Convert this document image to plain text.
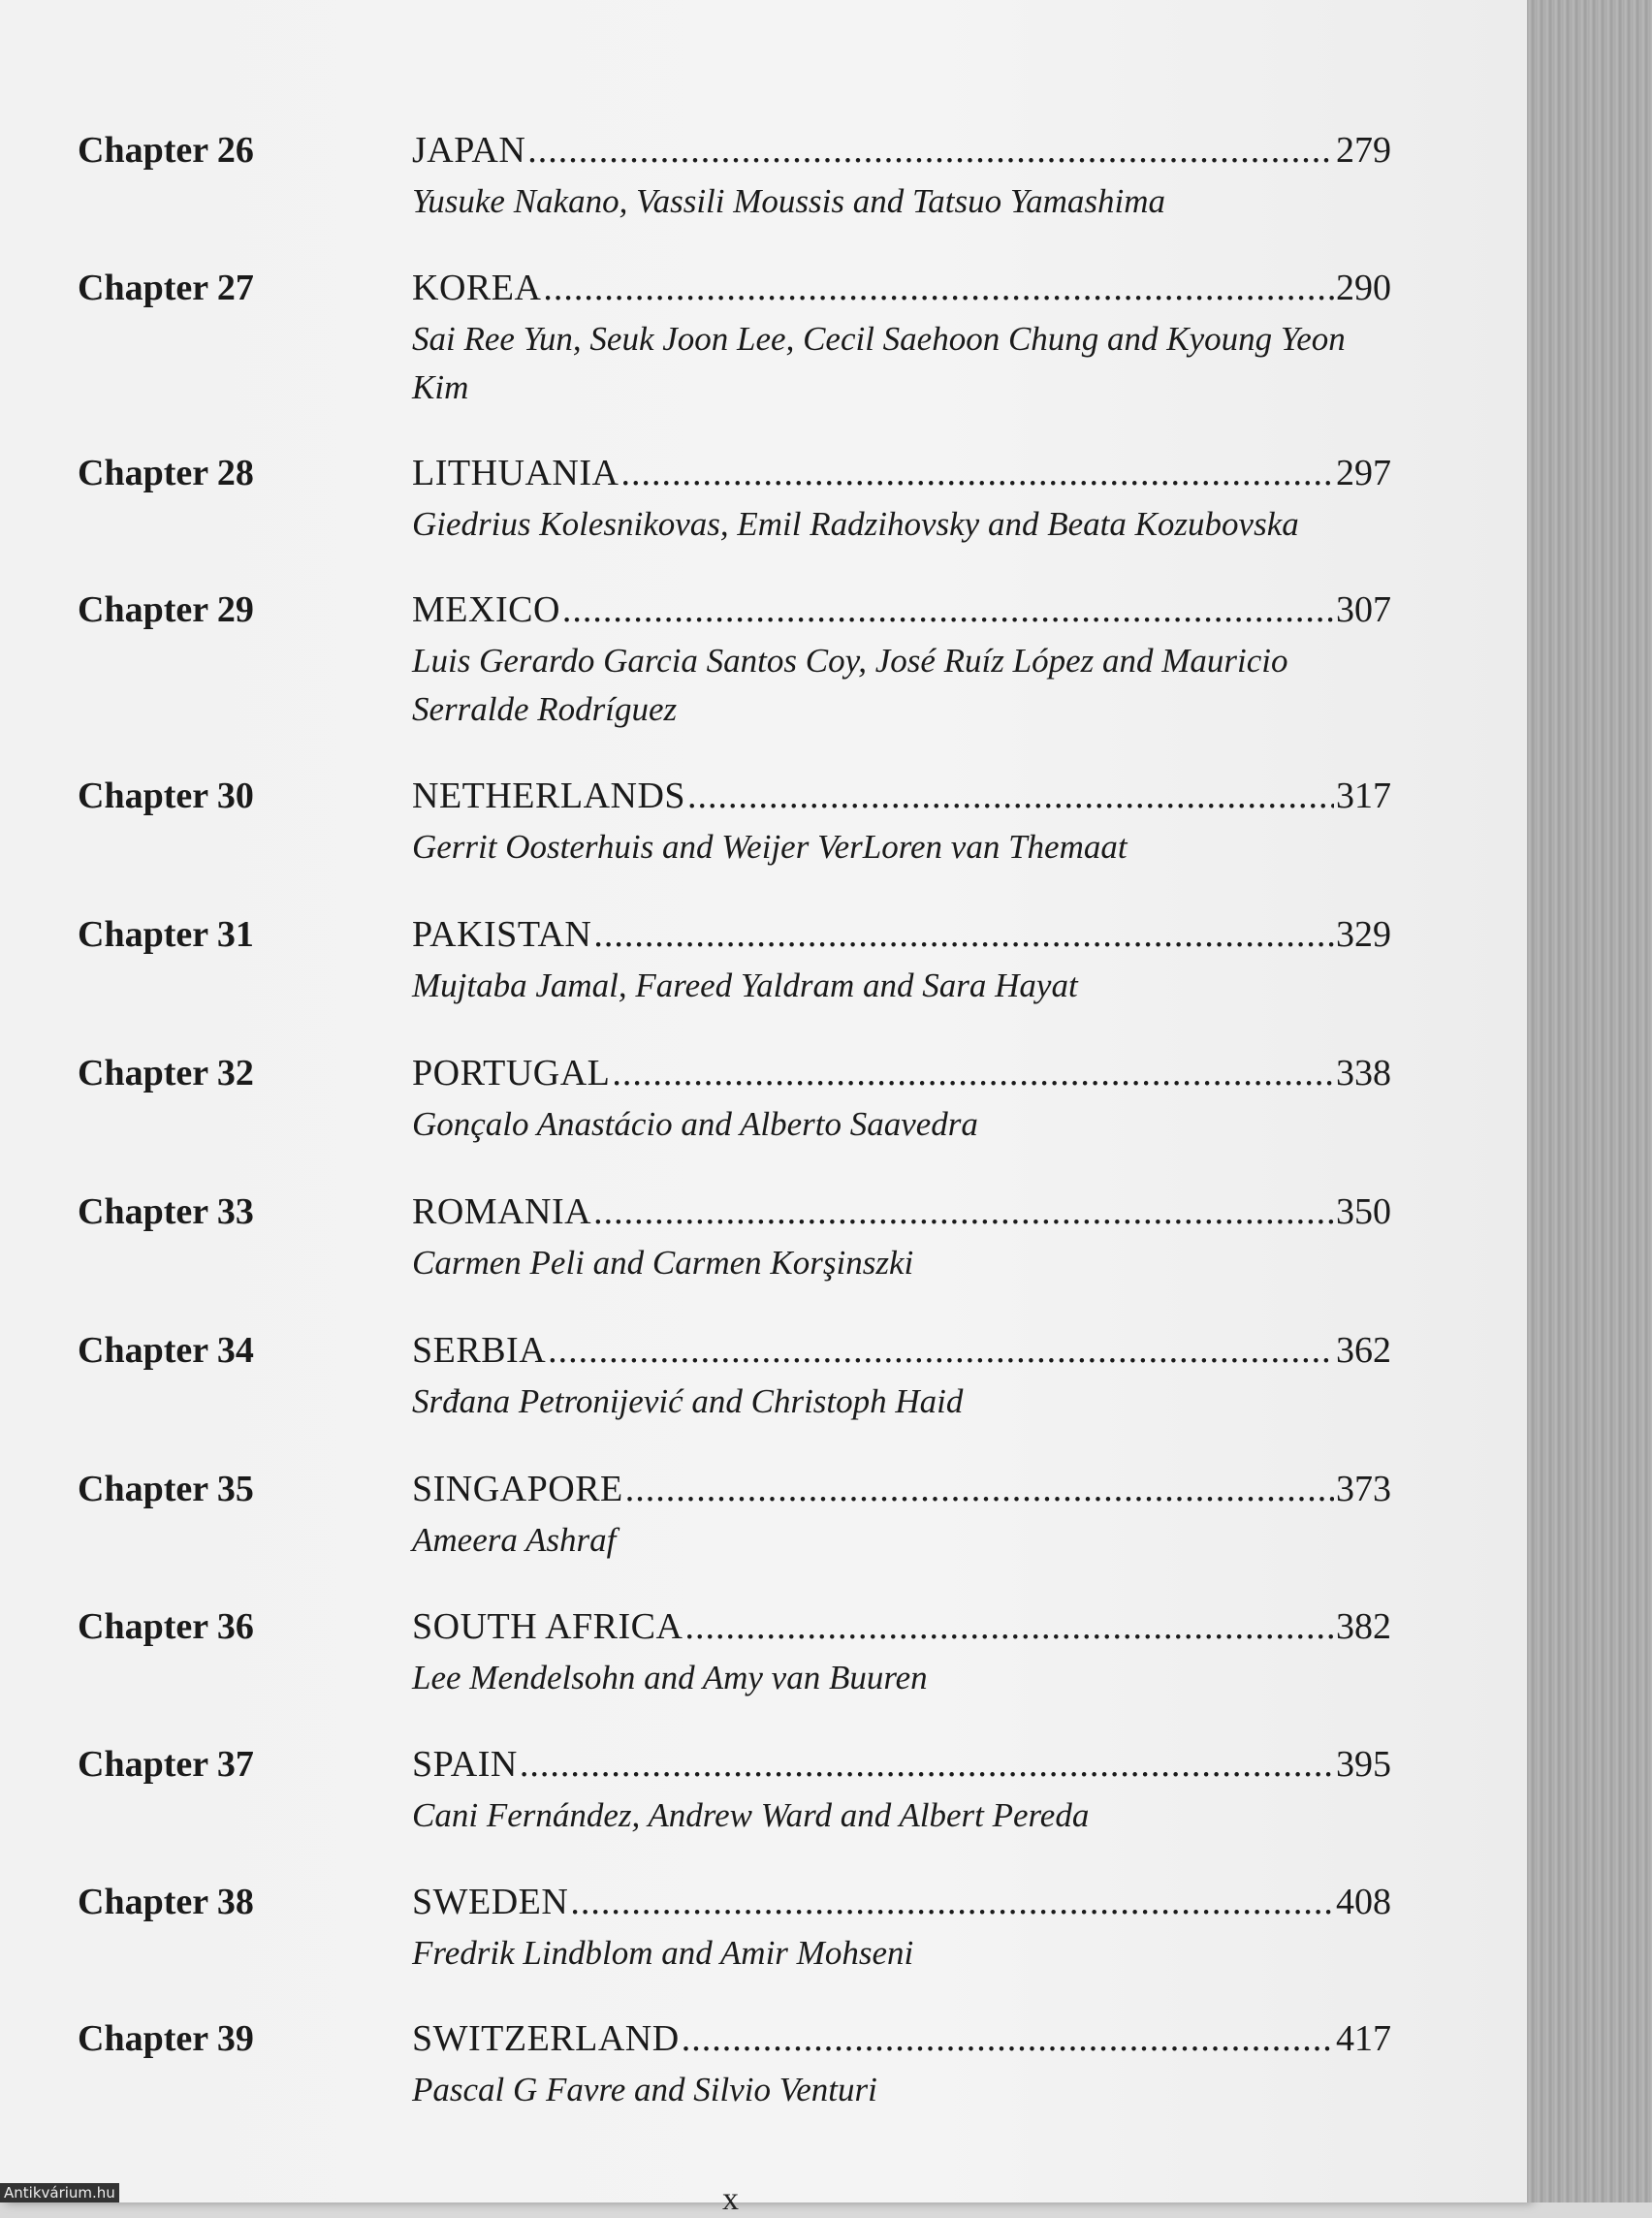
Chapter 26	JAPAN .....	279
Yusuke Nakano, Vassili Moussis and Tatsuo Yamashima
Chapter 27	KOREA .....	290
Sai Ree Yun, Seuk Joon Lee, Cecil Saehoon Chung and Kyoung Yeon Kim
Chapter 28	LITHUANIA .....	297
Giedrius Kolesnikovas, Emil Radzihovsky and Beata Kozubovska
Chapter 29	MEXICO .....	307
Luis Gerardo Garcia Santos Coy, José Ruíz López and Mauricio Serralde Rodríguez
Chapter 30	NETHERLANDS .....	317
Gerrit Oosterhuis and Weijer VerLoren van Themaat
Chapter 31	PAKISTAN .....	329
Mujtaba Jamal, Fareed Yaldram and Sara Hayat
Chapter 32	PORTUGAL .....	338
Gonçalo Anastácio and Alberto Saavedra
Chapter 33	ROMANIA .....	350
Carmen Peli and Carmen Korşinszki
Chapter 34	SERBIA .....	362
Srđana Petronijević and Christoph Haid
Chapter 35	SINGAPORE .....	373
Ameera Ashraf
Chapter 36	SOUTH AFRICA .....	382
Lee Mendelsohn and Amy van Buuren
Chapter 37	SPAIN .....	395
Cani Fernández, Andrew Ward and Albert Pereda
Chapter 38	SWEDEN .....	408
Fredrik Lindblom and Amir Mohseni
Chapter 39	SWITZERLAND .....	417
Pascal G Favre and Silvio Venturi
x
Antikvárium.hu
